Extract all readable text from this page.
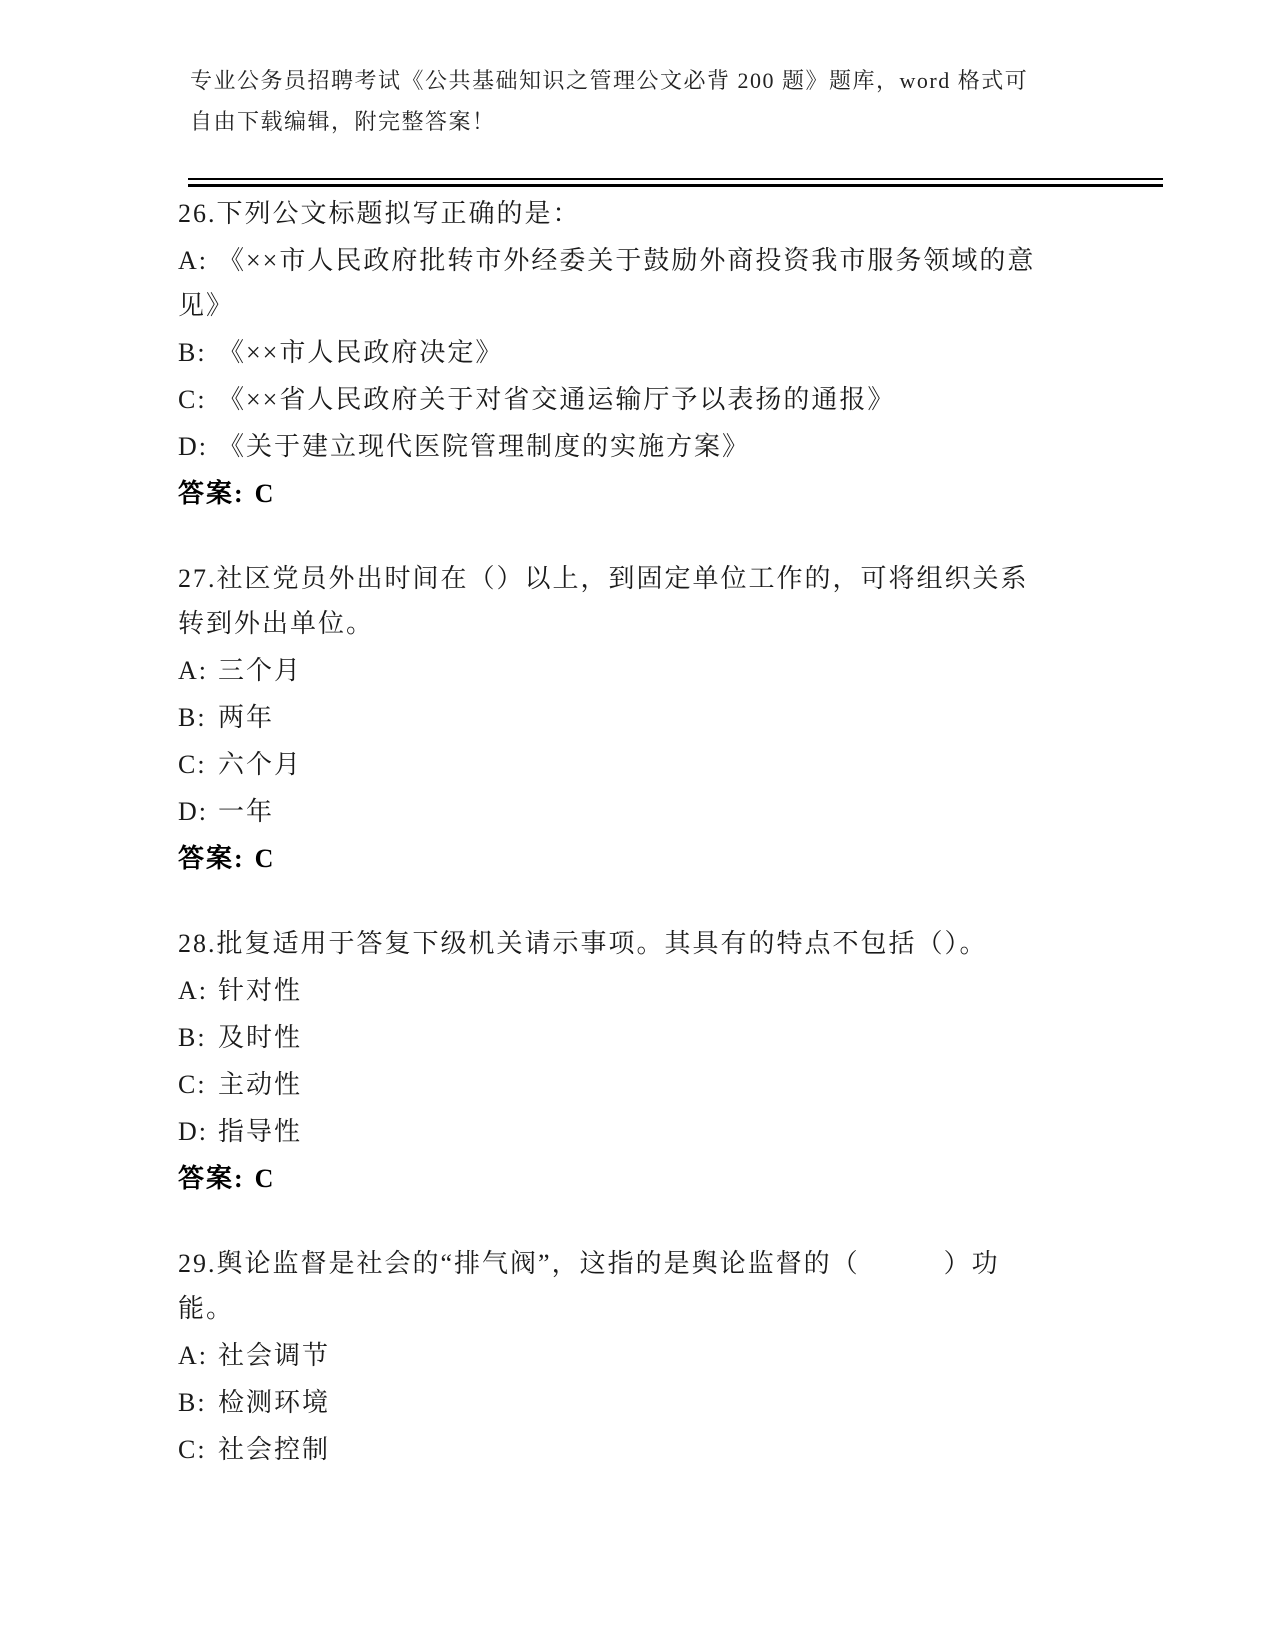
专业公务员招聘考试《公共基础知识之管理公文必背 200 题》题库，word 格式可自由下载编辑，附完整答案！

26.下列公文标题拟写正确的是：

A: 《××市人民政府批转市外经委关于鼓励外商投资我市服务领域的意见》

B: 《××市人民政府决定》

C: 《××省人民政府关于对省交通运输厅予以表扬的通报》

D: 《关于建立现代医院管理制度的实施方案》

答案: C

27.社区党员外出时间在（）以上，到固定单位工作的，可将组织关系转到外出单位。

A: 三个月

B: 两年

C: 六个月

D: 一年

答案: C

28.批复适用于答复下级机关请示事项。其具有的特点不包括（）。

A: 针对性

B: 及时性

C: 主动性

D: 指导性

答案: C

29.舆论监督是社会的“排气阀”，这指的是舆论监督的（　　　）功能。

A: 社会调节

B: 检测环境

C: 社会控制
